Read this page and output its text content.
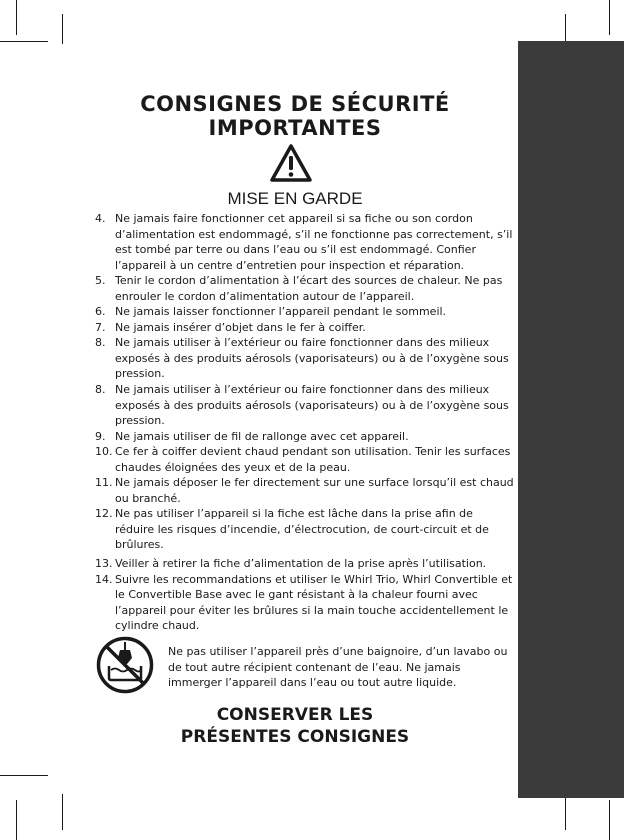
CONSIGNES DE SÉCURITÉ
IMPORTANTES
MISE EN GARDE
4. Ne jamais faire fonctionner cet appareil si sa fiche ou son cordon d’alimentation est endommagé, s’il ne fonctionne pas correctement, s’il est tombé par terre ou dans l’eau ou s’il est endommagé. Confier l’appareil à un centre d’entretien pour inspection et réparation.
5. Tenir le cordon d’alimentation à l’écart des sources de chaleur. Ne pas enrouler le cordon d’alimentation autour de l’appareil.
6. Ne jamais laisser fonctionner l’appareil pendant le sommeil.
7. Ne jamais insérer d’objet dans le fer à coiffer.
8. Ne jamais utiliser à l’extérieur ou faire fonctionner dans des milieux exposés à des produits aérosols (vaporisateurs) ou à de l’oxygène sous pression.
8. Ne jamais utiliser à l’extérieur ou faire fonctionner dans des milieux exposés à des produits aérosols (vaporisateurs) ou à de l’oxygène sous pression.
9. Ne jamais utiliser de fil de rallonge avec cet appareil.
10. Ce fer à coiffer devient chaud pendant son utilisation. Tenir les surfaces chaudes éloignées des yeux et de la peau.
11. Ne jamais déposer le fer directement sur une surface lorsqu’il est chaud ou branché.
12. Ne pas utiliser l’appareil si la fiche est lâche dans la prise afin de réduire les risques d’incendie, d’électrocution, de court-circuit et de brûlures.
13. Veiller à retirer la fiche d’alimentation de la prise après l’utilisation.
14. Suivre les recommandations et utiliser le Whirl Trio, Whirl Convertible et le Convertible Base avec le gant résistant à la chaleur fourni avec l’appareil pour éviter les brûlures si la main touche accidentellement le cylindre chaud.
Ne pas utiliser l’appareil près d’une baignoire, d’un lavabo ou de tout autre récipient contenant de l’eau. Ne jamais immerger l’appareil dans l’eau ou tout autre liquide.
CONSERVER LES
PRÉSENTES CONSIGNES
